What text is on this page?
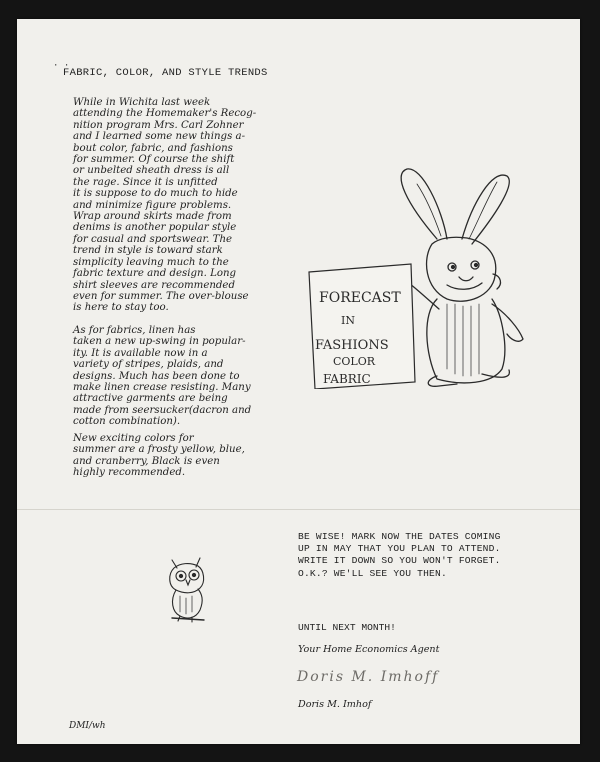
· ·
FABRIC, COLOR, AND STYLE TRENDS
While in Wichita last week
attending the Homemaker's Recog-
nition program Mrs. Carl Zohner
and I learned some new things a-
bout color, fabric, and fashions
for summer. Of course the shift
or unbelted sheath dress is all
the rage. Since it is unfitted
it is suppose to do much to hide
and minimize figure problems.
Wrap around skirts made from
denims is another popular style
for casual and sportswear. The
trend in style is toward stark
simplicity leaving much to the
fabric texture and design. Long
shirt sleeves are recommended
even for summer. The over-blouse
is here to stay too.
As for fabrics, linen has
taken a new up-swing in popular-
ity. It is available now in a
variety of stripes, plaids, and
designs. Much has been done to
make linen crease resisting. Many
attractive garments are being
made from seersucker(dacron and
cotton combination).
New exciting colors for
summer are a frosty yellow, blue,
and cranberry, Black is even
highly recommended.
FORECAST
IN
FASHIONS
COLOR
FABRIC
BE WISE! MARK NOW THE DATES COMING
UP IN MAY THAT YOU PLAN TO ATTEND.
WRITE IT DOWN SO YOU WON'T FORGET.
O.K.? WE'LL SEE YOU THEN.
UNTIL NEXT MONTH!
Your Home Economics Agent
Doris M. Imhoff
Doris M. Imhof
DMI/wh
